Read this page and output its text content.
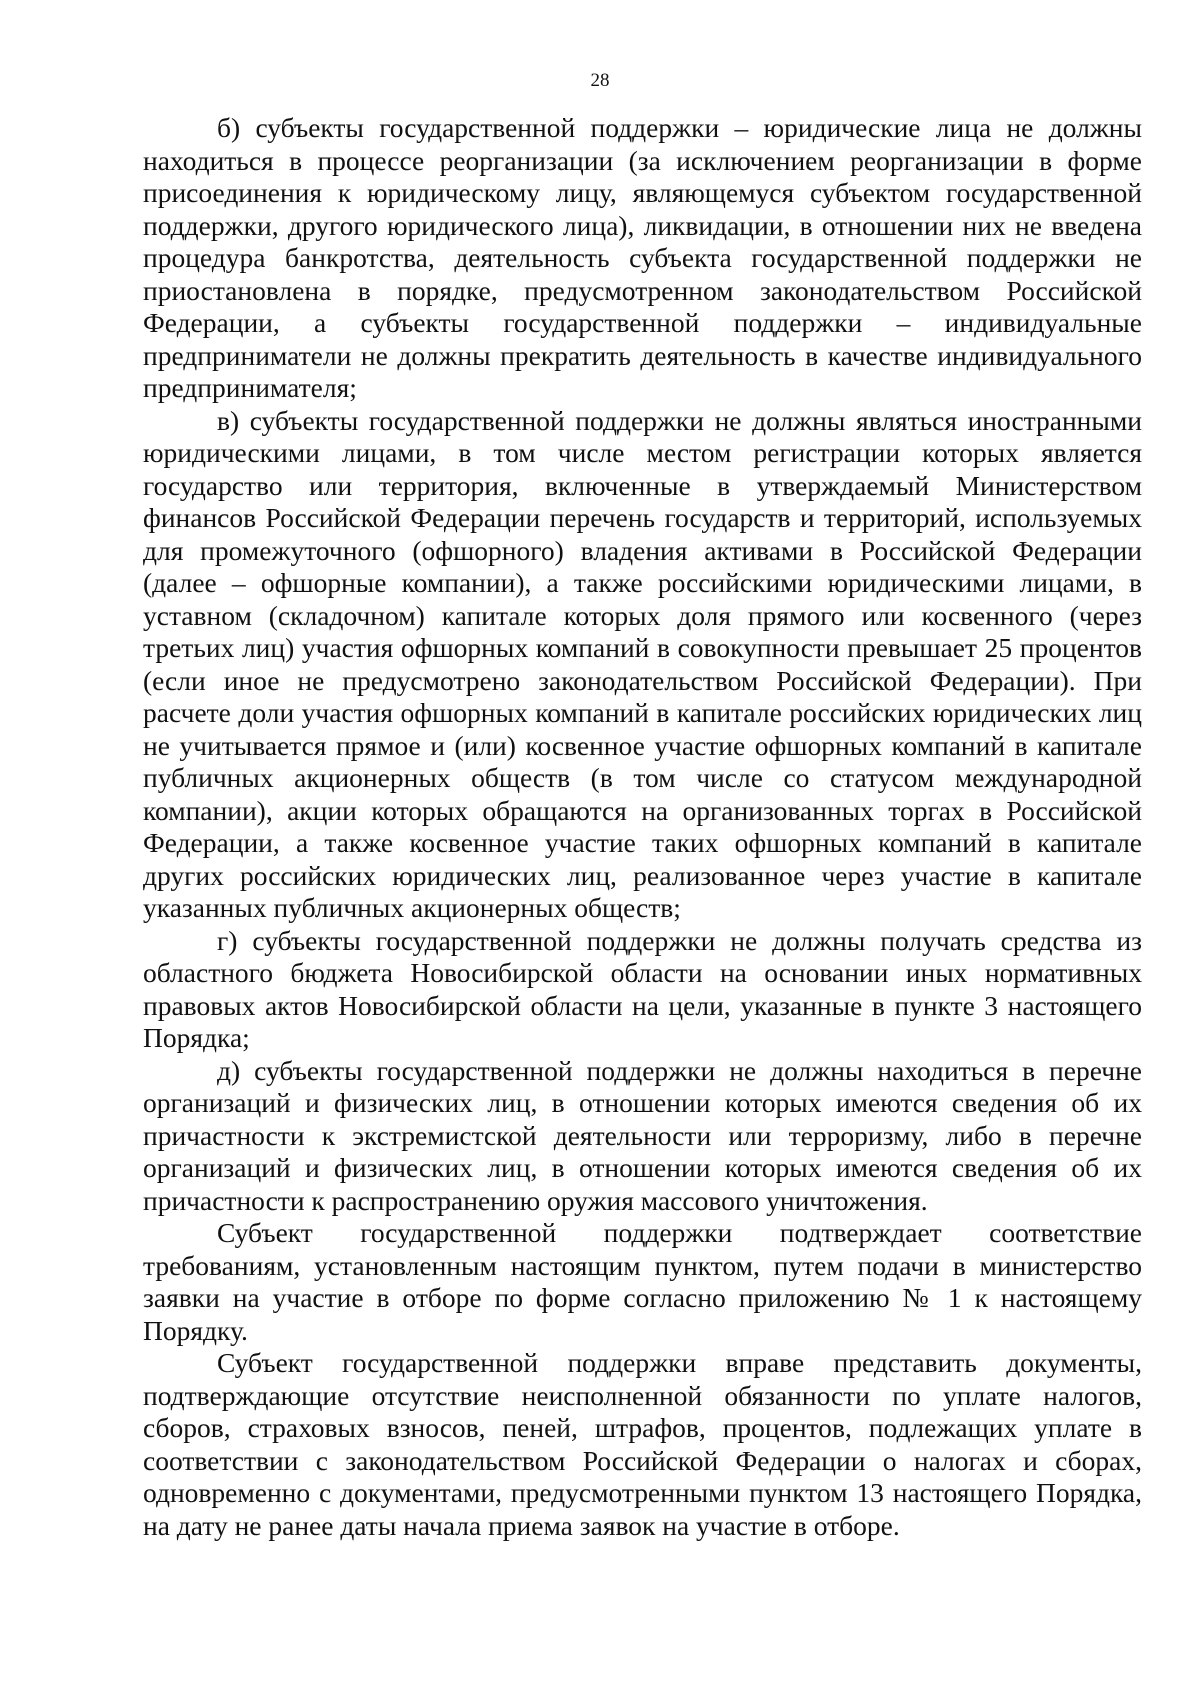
28

б) субъекты государственной поддержки – юридические лица не должны находиться в процессе реорганизации (за исключением реорганизации в форме присоединения к юридическому лицу, являющемуся субъектом государственной поддержки, другого юридического лица), ликвидации, в отношении них не введена процедура банкротства, деятельность субъекта государственной поддержки не приостановлена в порядке, предусмотренном законодательством Российской Федерации, а субъекты государственной поддержки – индивидуальные предприниматели не должны прекратить деятельность в качестве индивидуального предпринимателя;

в) субъекты государственной поддержки не должны являться иностранными юридическими лицами, в том числе местом регистрации которых является государство или территория, включенные в утверждаемый Министерством финансов Российской Федерации перечень государств и территорий, используемых для промежуточного (офшорного) владения активами в Российской Федерации (далее – офшорные компании), а также российскими юридическими лицами, в уставном (складочном) капитале которых доля прямого или косвенного (через третьих лиц) участия офшорных компаний в совокупности превышает 25 процентов (если иное не предусмотрено законодательством Российской Федерации). При расчете доли участия офшорных компаний в капитале российских юридических лиц не учитывается прямое и (или) косвенное участие офшорных компаний в капитале публичных акционерных обществ (в том числе со статусом международной компании), акции которых обращаются на организованных торгах в Российской Федерации, а также косвенное участие таких офшорных компаний в капитале других российских юридических лиц, реализованное через участие в капитале указанных публичных акционерных обществ;

г) субъекты государственной поддержки не должны получать средства из областного бюджета Новосибирской области на основании иных нормативных правовых актов Новосибирской области на цели, указанные в пункте 3 настоящего Порядка;

д) субъекты государственной поддержки не должны находиться в перечне организаций и физических лиц, в отношении которых имеются сведения об их причастности к экстремистской деятельности или терроризму, либо в перечне организаций и физических лиц, в отношении которых имеются сведения об их причастности к распространению оружия массового уничтожения.

Субъект государственной поддержки подтверждает соответствие требованиям, установленным настоящим пунктом, путем подачи в министерство заявки на участие в отборе по форме согласно приложению № 1 к настоящему Порядку.

Субъект государственной поддержки вправе представить документы, подтверждающие отсутствие неисполненной обязанности по уплате налогов, сборов, страховых взносов, пеней, штрафов, процентов, подлежащих уплате в соответствии с законодательством Российской Федерации о налогах и сборах, одновременно с документами, предусмотренными пунктом 13 настоящего Порядка, на дату не ранее даты начала приема заявок на участие в отборе.
